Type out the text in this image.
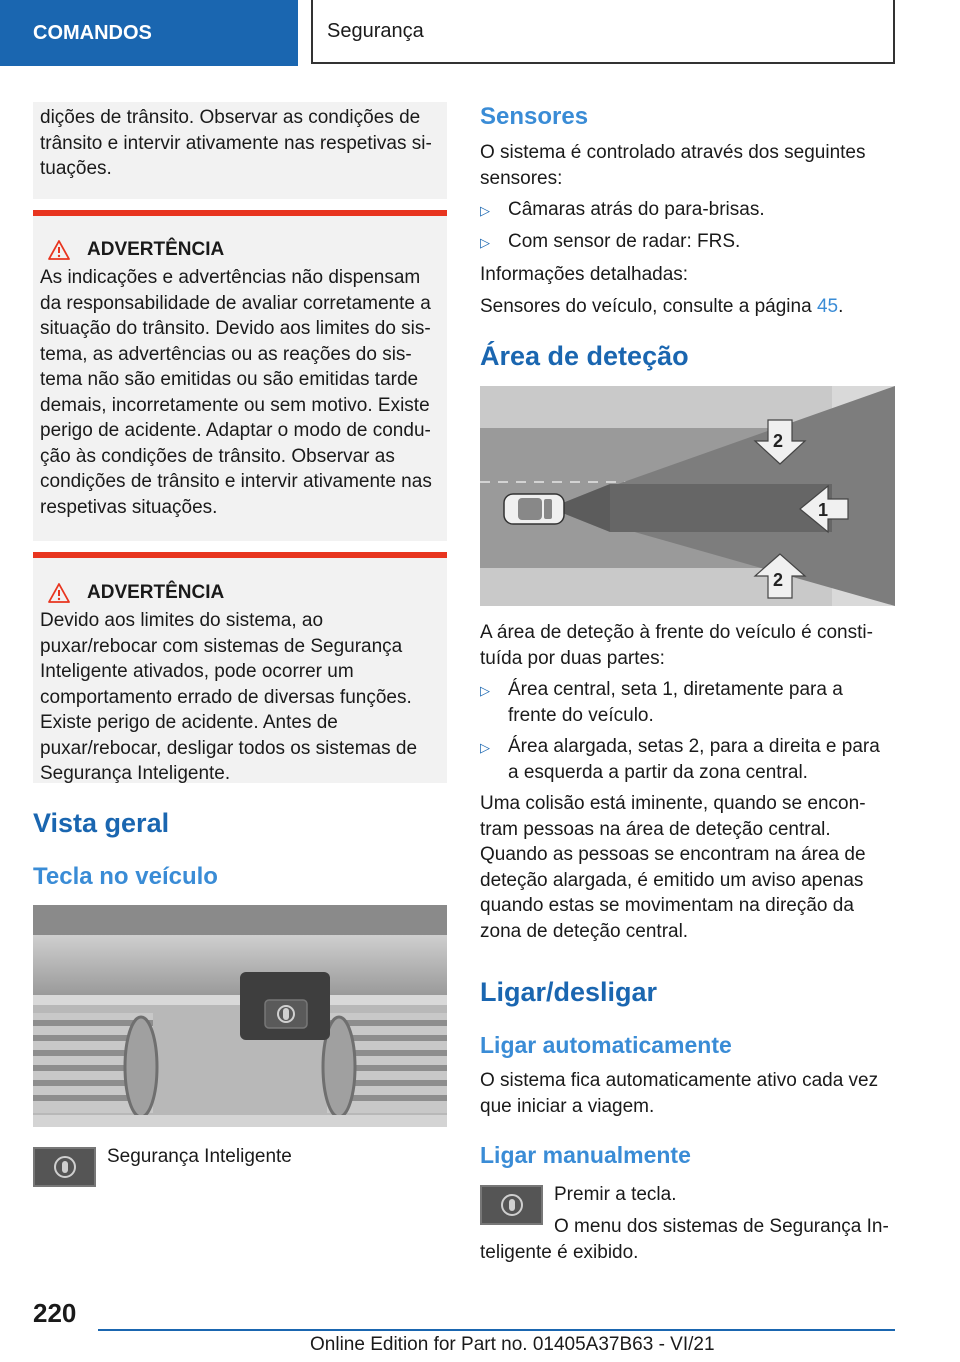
COMANDOS	Segurança

dições de trânsito. Observar as condições de trânsito e intervir ativamente nas respetivas situações.

ADVERTÊNCIA

As indicações e advertências não dispensam da responsabilidade de avaliar corretamente a situação do trânsito. Devido aos limites do sistema, as advertências ou as reações do sistema não são emitidas ou são emitidas tarde demais, incorretamente ou sem motivo. Existe perigo de acidente. Adaptar o modo de condução às condições de trânsito. Observar as condições de trânsito e intervir ativamente nas respetivas situações.

ADVERTÊNCIA

Devido aos limites do sistema, ao puxar/rebocar com sistemas de Segurança Inteligente ativados, pode ocorrer um comportamento errado de diversas funções. Existe perigo de acidente. Antes de puxar/rebocar, desligar todos os sistemas de Segurança Inteligente.

Vista geral
Tecla no veículo

Segurança Inteligente

Sensores

O sistema é controlado através dos seguintes sensores:

▷ Câmaras atrás do para-brisas.
▷ Com sensor de radar: FRS.

Informações detalhadas:

Sensores do veículo, consulte a página 45.

Área de deteção
1
2
2

A área de deteção à frente do veículo é constituída por duas partes:

▷ Área central, seta 1, diretamente para a frente do veículo.
▷ Área alargada, setas 2, para a direita e para a esquerda a partir da zona central.

Uma colisão está iminente, quando se encontram pessoas na área de deteção central. Quando as pessoas se encontram na área de deteção alargada, é emitido um aviso apenas quando estas se movimentam na direção da zona de deteção central.

Ligar/desligar
Ligar automaticamente

O sistema fica automaticamente ativo cada vez que iniciar a viagem.

Ligar manualmente

Premir a tecla.

O menu dos sistemas de Segurança Inteligente é exibido.

220
Online Edition for Part no. 01405A37B63 - VI/21
